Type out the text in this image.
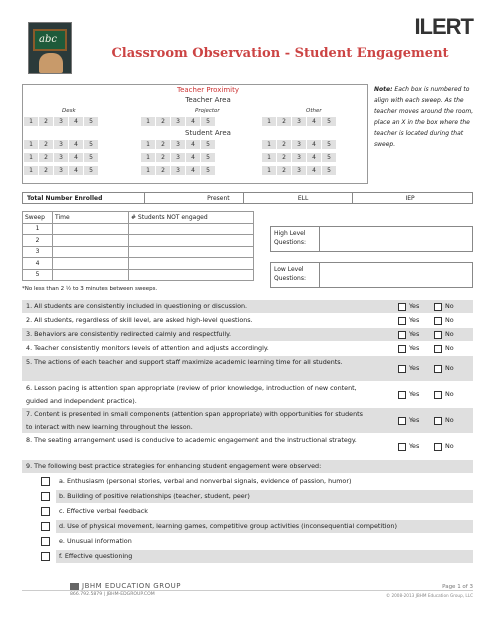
abc
ILERT
Classroom Observation - Student Engagement
Teacher Proximity
Teacher Area
Desk	Projector	Other
1	2	3	4	5	1	2	3	4	5	1	2	3	4	5
Student Area
1	2	3	4	5	1	2	3	4	5	1	2	3	4	5
1	2	3	4	5	1	2	3	4	5	1	2	3	4	5
1	2	3	4	5	1	2	3	4	5	1	2	3	4	5
Note: Each box is numbered to align with each sweep. As the teacher moves around the room, place an X in the box where the teacher is located during that sweep.
Total Number Enrolled	Present	ELL	IEP
Sweep	Time	# Students NOT engaged
1		
2		
3		
4		
5		
*No less than 2 ½ to 3 minutes between sweeps.
High Level Questions:
Low Level Questions:
1. All students are consistently included in questioning or discussion.	Yes	No
2. All students, regardless of skill level, are asked high-level questions.	Yes	No
3. Behaviors are consistently redirected calmly and respectfully.	Yes	No
4. Teacher consistently monitors levels of attention and adjusts accordingly.	Yes	No
5. The actions of each teacher and support staff maximize academic learning time for all students.
Yes	No
6. Lesson pacing is attention span appropriate (review of prior knowledge, introduction of new content, guided and independent practice).
Yes	No
7. Content is presented in small components (attention span appropriate) with opportunities for students to interact with new learning throughout the lesson.
Yes	No
8. The seating arrangement used is conducive to academic engagement and the instructional strategy.
Yes	No
9. The following best practice strategies for enhancing student engagement were observed:
a. Enthusiasm (personal stories, verbal and nonverbal signals, evidence of passion, humor)
b. Building of positive relationships (teacher, student, peer)
c. Effective verbal feedback
d. Use of physical movement, learning games, competitive group activities (inconsequential competition)
e. Unusual information
f. Effective questioning
JBHM EDUCATION GROUP
866.792.5879 | JBHM-EDGROUP.COM
Page 1 of 3
© 2008-2013 JBHM Education Group, LLC
